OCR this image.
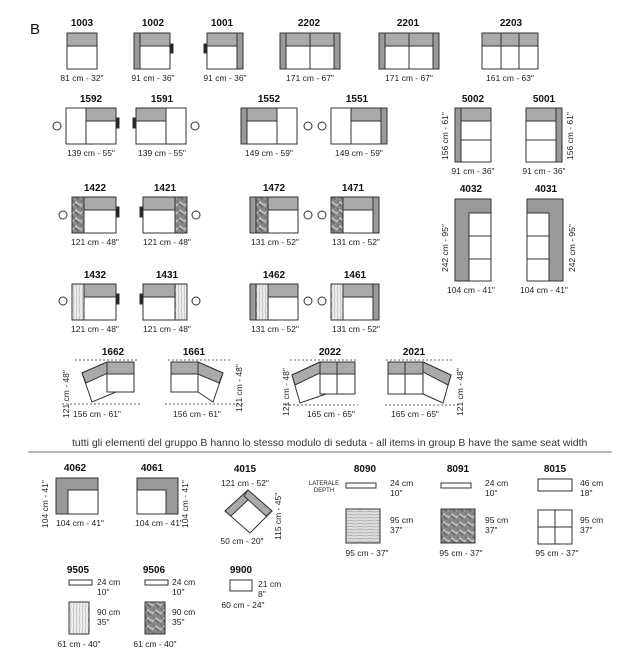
B	1003
81 cm - 32"
1002
91 cm - 36"
1001
91 cm - 36"
2202
171 cm - 67"
2201
171 cm - 67"
2203
161 cm - 63"
1592
139 cm - 55"
1591
139 cm - 55"
1552
149 cm - 59"
1551
149 cm - 59"
5002
91 cm - 36"
156 cm - 61"
5001
91 cm - 36"
156 cm - 61"
1422
121 cm - 48"
1421
121 cm - 48"
1472
131 cm - 52"
1471
131 cm - 52"
4032
104 cm - 41"
242 cm - 95"
4031
104 cm - 41"
242 cm - 95"
1432
121 cm - 48"
1431
121 cm - 48"
1462
131 cm - 52"
1461
131 cm - 52"
1662
156 cm - 61"
121 cm - 48"
1661
156 cm - 61"
121 cm - 48"
2022
165 cm - 65"
121 cm - 48"
2021
165 cm - 65" 121 cm - 48"
tutti gli elementi del gruppo B hanno lo stesso modulo di seduta - all items in group B have the same seat width
4062
104 cm - 41"
104 cm - 41"
4061
104 cm - 41"
104 cm - 41"
4015
121 cm - 52"
50 cm - 20"
115 cm - 45"
LATERALE DEPTH
8090
24 cm
10"
95 cm
37"
95 cm - 37"
8091
24 cm
10"
95 cm
37"
95 cm - 37"
8015
46 cm
18"
95 cm
37"
95 cm - 37"
9505
24 cm
10"
90 cm
35"
61 cm - 40"
9506
24 cm
10"
90 cm
35"
61 cm - 40"
9900
21 cm
8"
60 cm - 24"
